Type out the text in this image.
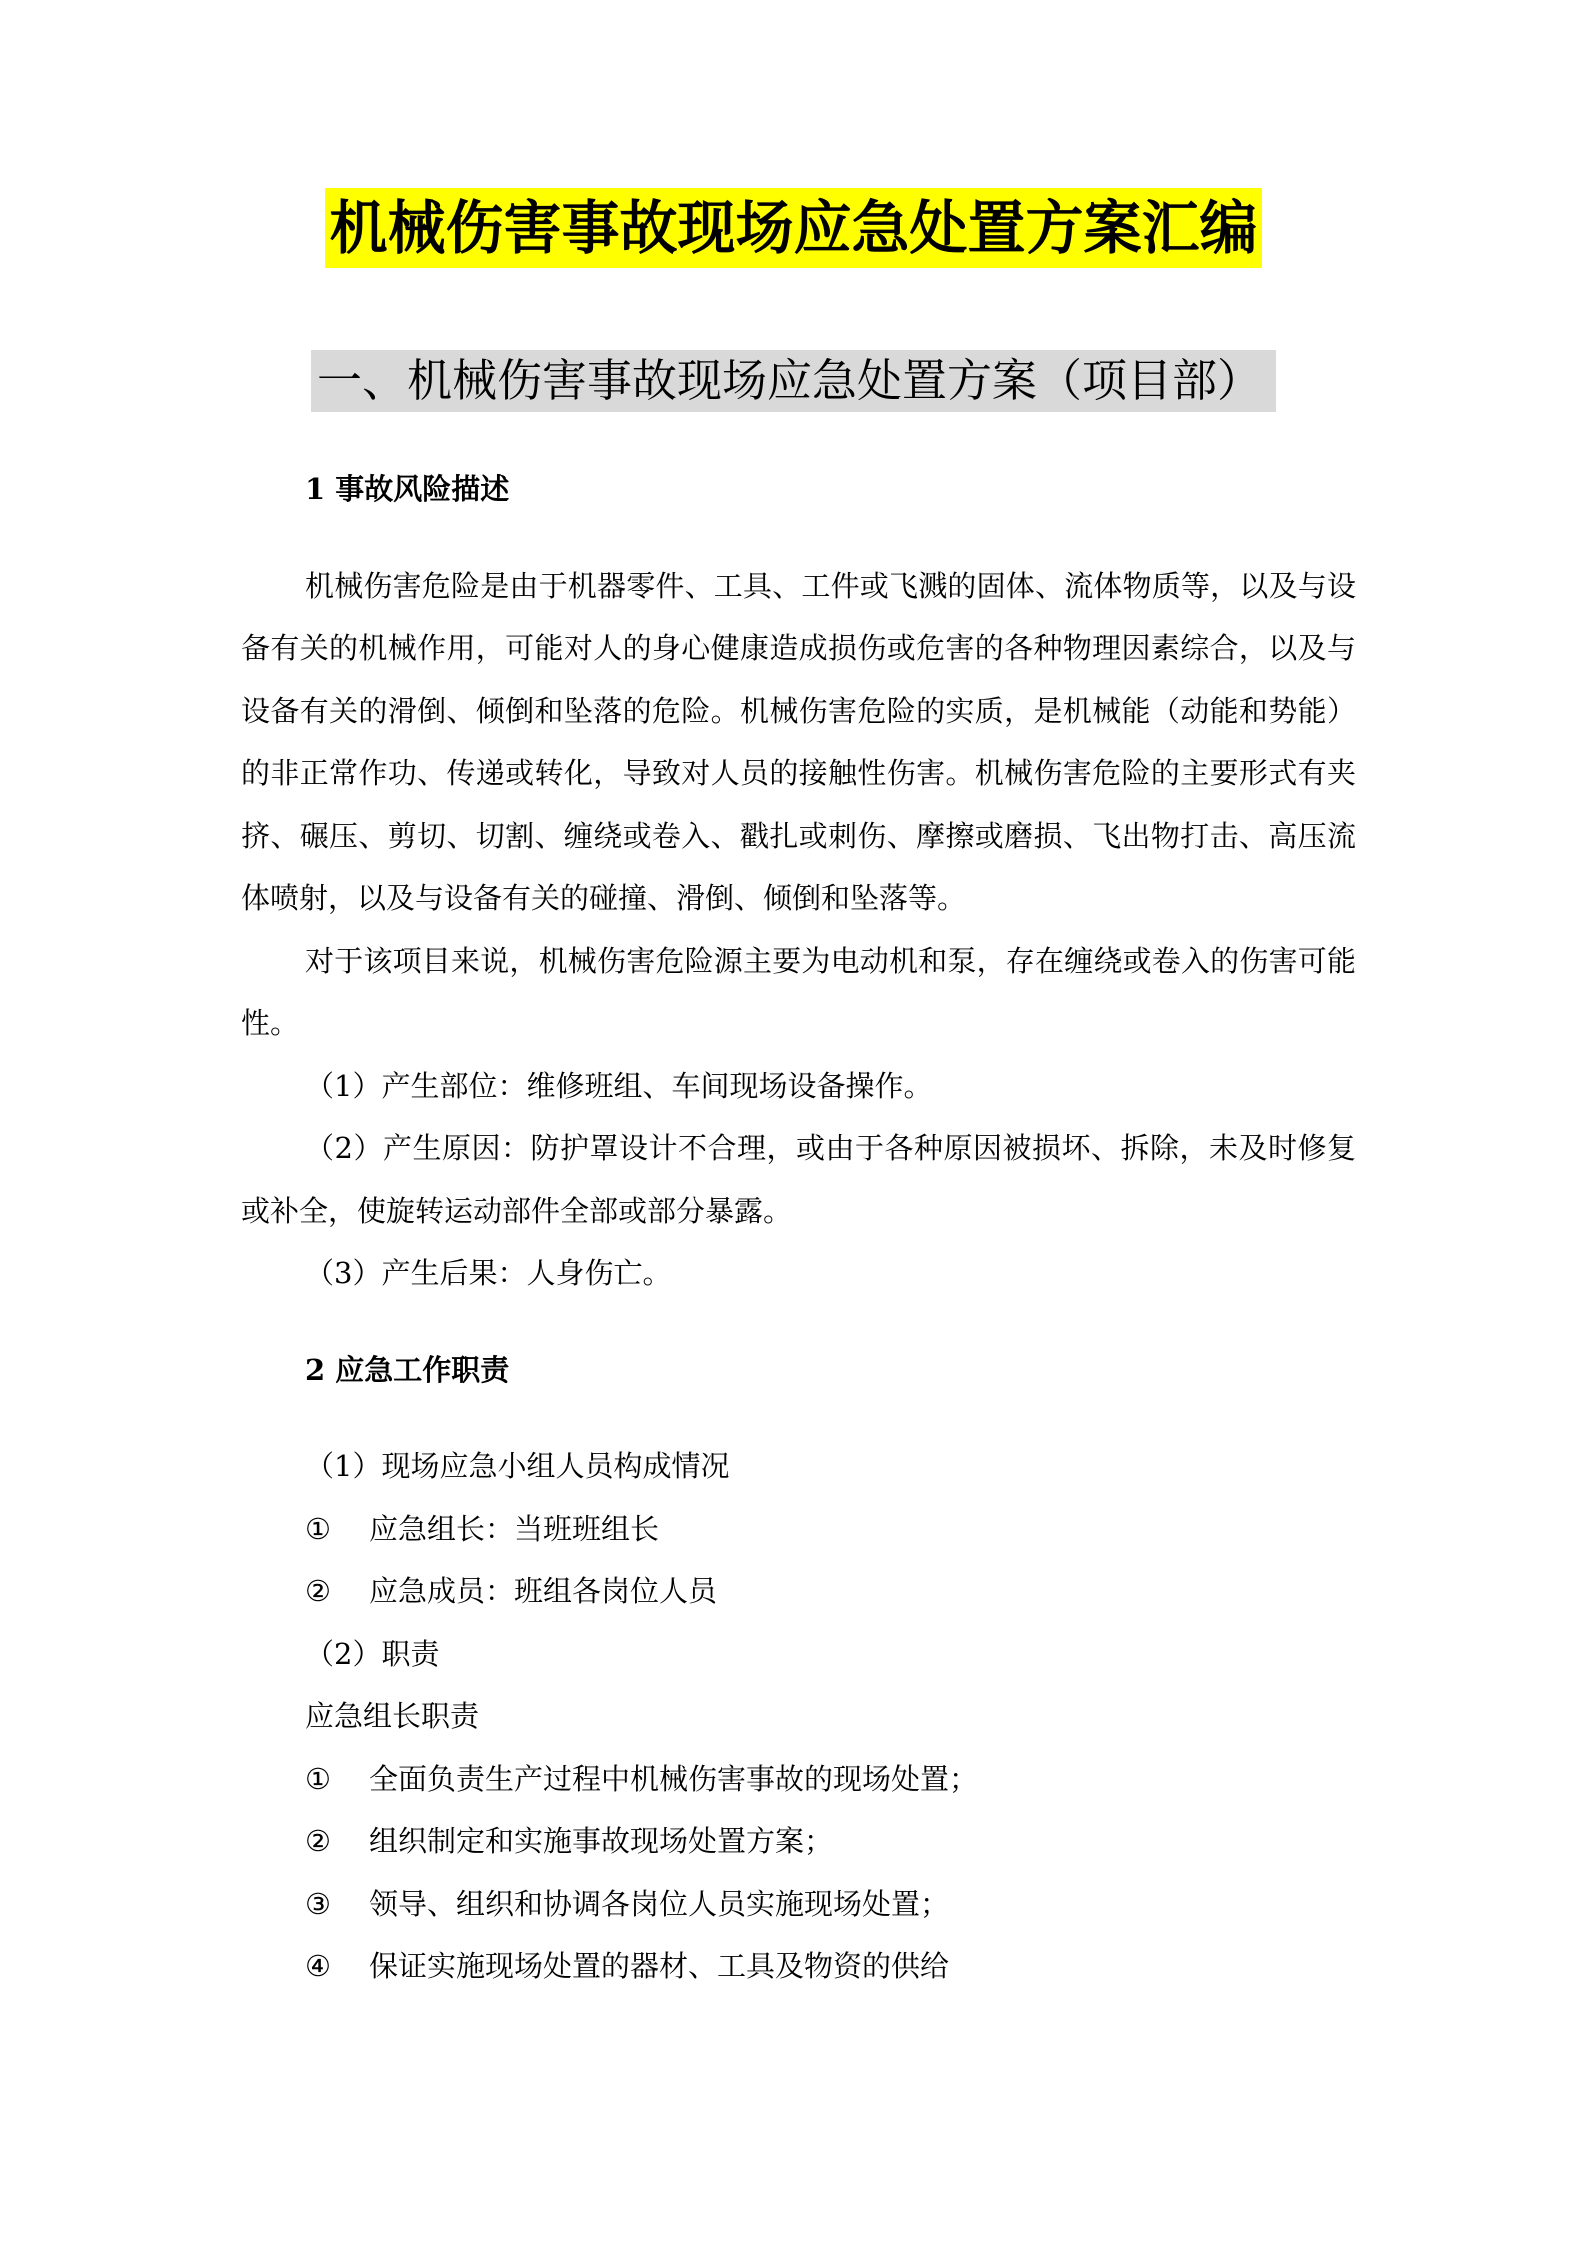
机械伤害事故现场应急处置方案汇编
一、机械伤害事故现场应急处置方案（项目部）

1 事故风险描述

机械伤害危险是由于机器零件、工具、工件或飞溅的固体、流体物质等，以及与设备有关的机械作用，可能对人的身心健康造成损伤或危害的各种物理因素综合，以及与设备有关的滑倒、倾倒和坠落的危险。机械伤害危险的实质，是机械能（动能和势能）的非正常作功、传递或转化，导致对人员的接触性伤害。机械伤害危险的主要形式有夹挤、碾压、剪切、切割、缠绕或卷入、戳扎或刺伤、摩擦或磨损、飞出物打击、高压流体喷射，以及与设备有关的碰撞、滑倒、倾倒和坠落等。

对于该项目来说，机械伤害危险源主要为电动机和泵，存在缠绕或卷入的伤害可能性。

（1）产生部位：维修班组、车间现场设备操作。

（2）产生原因：防护罩设计不合理，或由于各种原因被损坏、拆除，未及时修复或补全，使旋转运动部件全部或部分暴露。

（3）产生后果：人身伤亡。

2 应急工作职责

（1）现场应急小组人员构成情况

① 应急组长：当班班组长

② 应急成员：班组各岗位人员

（2）职责

应急组长职责

① 全面负责生产过程中机械伤害事故的现场处置；

② 组织制定和实施事故现场处置方案；

③ 领导、组织和协调各岗位人员实施现场处置；

④ 保证实施现场处置的器材、工具及物资的供给
